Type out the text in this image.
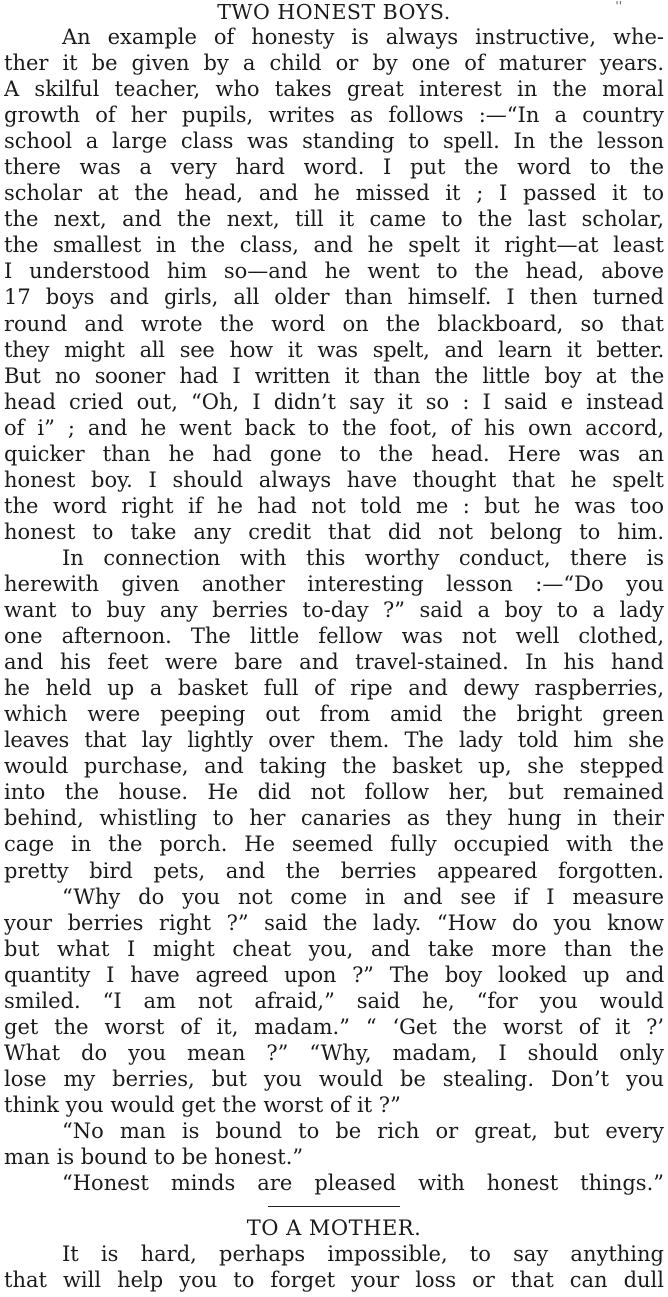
''
TWO HONEST BOYS.

An example of honesty is always instructive, whe-
ther it be given by a child or by one of maturer years.
A skilful teacher, who takes great interest in the moral
growth of her pupils, writes as follows :—“In a country
school a large class was standing to spell. In the lesson
there was a very hard word. I put the word to the
scholar at the head, and he missed it ; I passed it to
the next, and the next, till it came to the last scholar,
the smallest in the class, and he spelt it right—at least
I understood him so—and he went to the head, above
17 boys and girls, all older than himself. I then turned
round and wrote the word on the blackboard, so that
they might all see how it was spelt, and learn it better.
But no sooner had I written it than the little boy at the
head cried out, “Oh, I didn’t say it so : I said e instead
of i” ; and he went back to the foot, of his own accord,
quicker than he had gone to the head. Here was an
honest boy. I should always have thought that he spelt
the word right if he had not told me : but he was too
honest to take any credit that did not belong to him.

In connection with this worthy conduct, there is
herewith given another interesting lesson :—“Do you
want to buy any berries to-day ?” said a boy to a lady
one afternoon. The little fellow was not well clothed,
and his feet were bare and travel-stained. In his hand
he held up a basket full of ripe and dewy raspberries,
which were peeping out from amid the bright green
leaves that lay lightly over them. The lady told him she
would purchase, and taking the basket up, she stepped
into the house. He did not follow her, but remained
behind, whistling to her canaries as they hung in their
cage in the porch. He seemed fully occupied with the
pretty bird pets, and the berries appeared forgotten.

“Why do you not come in and see if I measure
your berries right ?” said the lady. “How do you know
but what I might cheat you, and take more than the
quantity I have agreed upon ?” The boy looked up and
smiled. “I am not afraid,” said he, “for you would
get the worst of it, madam.” “ ‘Get the worst of it ?’
What do you mean ?” “Why, madam, I should only
lose my berries, but you would be stealing. Don’t you
think you would get the worst of it ?”

“No man is bound to be rich or great, but every
man is bound to be honest.”

“Honest minds are pleased with honest things.”

TO A MOTHER.

It is hard, perhaps impossible, to say anything
that will help you to forget your loss or that can dull
